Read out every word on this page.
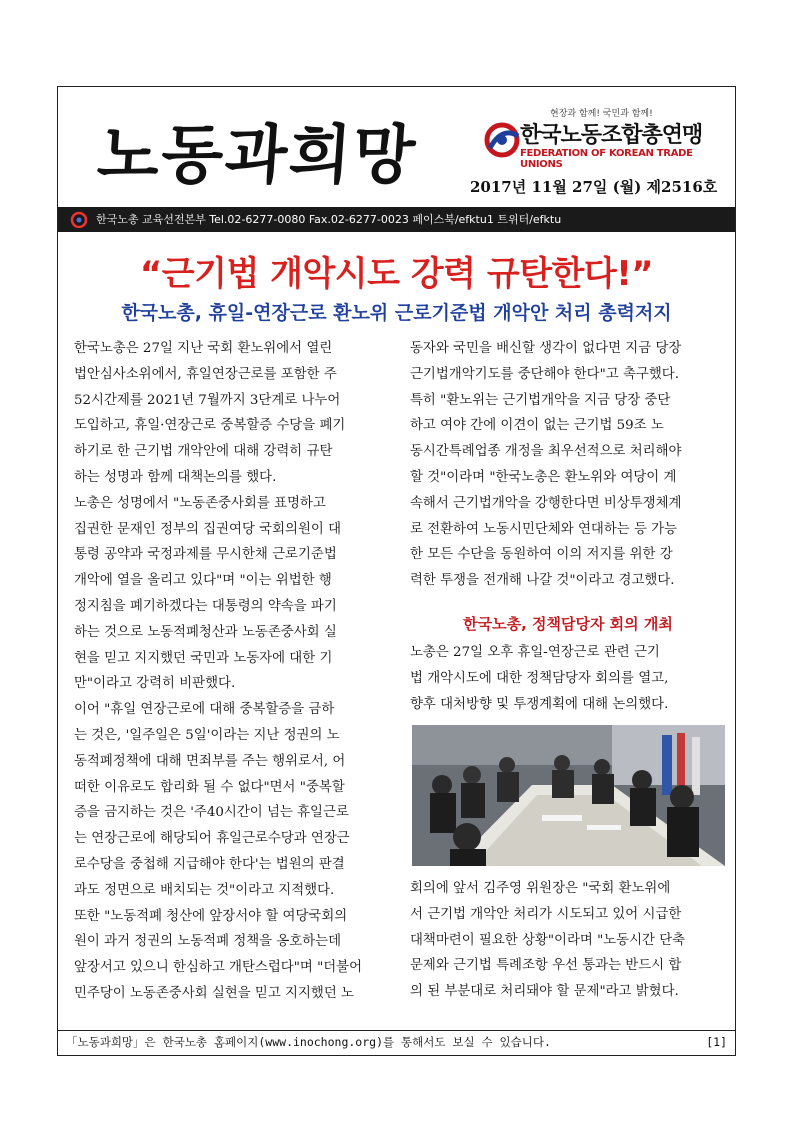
노동과희망
현장과 함께! 국민과 함께!
한국노동조합총연맹
FEDERATION OF KOREAN TRADE UNIONS
2017년 11월 27일 (월) 제2516호
한국노총 교육선전본부 Tel.02-6277-0080 Fax.02-6277-0023 페이스북/efktu1 트위터/efktu
“근기법 개악시도 강력 규탄한다!”
한국노총, 휴일-연장근로 환노위 근로기준법 개악안 처리 총력저지
한국노총은 27일 지난 국회 환노위에서 열린
법안심사소위에서, 휴일연장근로를 포함한 주
52시간제를 2021년 7월까지 3단계로 나누어
도입하고, 휴일·연장근로 중복할증 수당을 폐기
하기로 한 근기법 개악안에 대해 강력히 규탄
하는 성명과 함께 대책논의를 했다.
노총은 성명에서 "노동존중사회를 표명하고
집권한 문재인 정부의 집권여당 국회의원이 대
통령 공약과 국정과제를 무시한채 근로기준법
개악에 열을 올리고 있다"며 "이는 위법한 행
정지침을 폐기하겠다는 대통령의 약속을 파기
하는 것으로 노동적폐청산과 노동존중사회 실
현을 믿고 지지했던 국민과 노동자에 대한 기
만"이라고 강력히 비판했다.
이어 "휴일 연장근로에 대해 중복할증을 금하
는 것은, '일주일은 5일'이라는 지난 정권의 노
동적폐정책에 대해 면죄부를 주는 행위로서, 어
떠한 이유로도 합리화 될 수 없다"면서 "중복할
증을 금지하는 것은 '주40시간이 넘는 휴일근로
는 연장근로에 해당되어 휴일근로수당과 연장근
로수당을 중첩해 지급해야 한다'는 법원의 판결
과도 정면으로 배치되는 것"이라고 지적했다.
또한 "노동적폐 청산에 앞장서야 할 여당국회의
원이 과거 정권의 노동적폐 정책을 옹호하는데
앞장서고 있으니 한심하고 개탄스럽다"며 "더불어
민주당이 노동존중사회 실현을 믿고 지지했던 노
동자와 국민을 배신할 생각이 없다면 지금 당장
근기법개악기도를 중단해야 한다"고 촉구했다.
특히 "환노위는 근기법개악을 지금 당장 중단
하고 여야 간에 이견이 없는 근기법 59조 노
동시간특례업종 개정을 최우선적으로 처리해야
할 것"이라며 "한국노총은 환노위와 여당이 계
속해서 근기법개악을 강행한다면 비상투쟁체계
로 전환하여 노동시민단체와 연대하는 등 가능
한 모든 수단을 동원하여 이의 저지를 위한 강
력한 투쟁을 전개해 나갈 것"이라고 경고했다.
한국노총, 정책담당자 회의 개최
노총은 27일 오후 휴일-연장근로 관련 근기
법 개악시도에 대한 정책담당자 회의를 열고,
향후 대처방향 및 투쟁계획에 대해 논의했다.
회의에 앞서 김주영 위원장은 "국회 환노위에
서 근기법 개악안 처리가 시도되고 있어 시급한
대책마련이 필요한 상황"이라며 "노동시간 단축
문제와 근기법 특례조항 우선 통과는 반드시 합
의 된 부분대로 처리돼야 할 문제"라고 밝혔다.
「노동과희망」은 한국노총 홈페이지(www.inochong.org)를 통해서도 보실 수 있습니다.	[1]
